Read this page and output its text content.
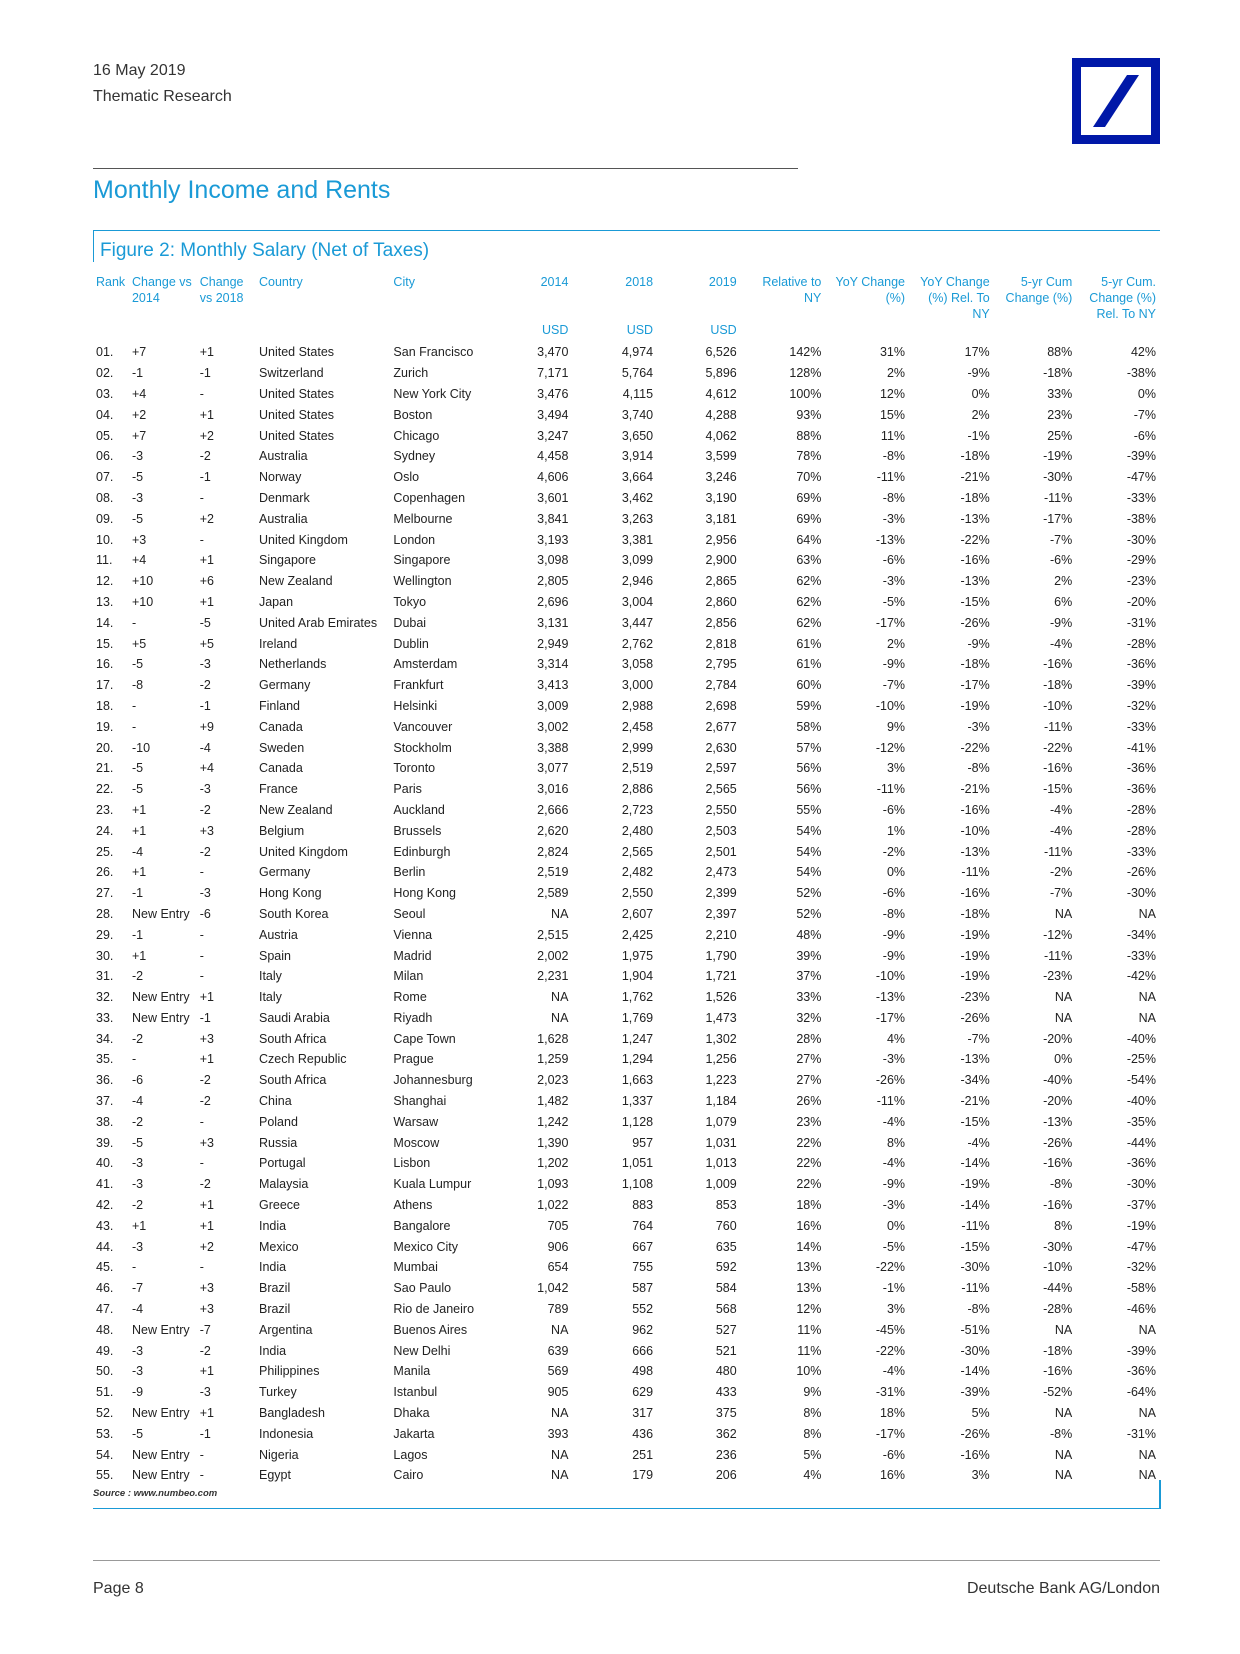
16 May 2019
Thematic Research
Monthly Income and Rents
Figure 2: Monthly Salary (Net of Taxes)
Rank	Change vs 2014	Change vs 2018	Country	City	2014	2018	2019	Relative to NY	YoY Change (%)	YoY Change (%) Rel. To NY	5-yr Cum Change (%)	5-yr Cum. Change (%) Rel. To NY
					USD	USD	USD					
01.	+7	+1	United States	San Francisco	3,470	4,974	6,526	142%	31%	17%	88%	42%
02.	-1	-1	Switzerland	Zurich	7,171	5,764	5,896	128%	2%	-9%	-18%	-38%
03.	+4	-	United States	New York City	3,476	4,115	4,612	100%	12%	0%	33%	0%
04.	+2	+1	United States	Boston	3,494	3,740	4,288	93%	15%	2%	23%	-7%
05.	+7	+2	United States	Chicago	3,247	3,650	4,062	88%	11%	-1%	25%	-6%
06.	-3	-2	Australia	Sydney	4,458	3,914	3,599	78%	-8%	-18%	-19%	-39%
07.	-5	-1	Norway	Oslo	4,606	3,664	3,246	70%	-11%	-21%	-30%	-47%
08.	-3	-	Denmark	Copenhagen	3,601	3,462	3,190	69%	-8%	-18%	-11%	-33%
09.	-5	+2	Australia	Melbourne	3,841	3,263	3,181	69%	-3%	-13%	-17%	-38%
10.	+3	-	United Kingdom	London	3,193	3,381	2,956	64%	-13%	-22%	-7%	-30%
11.	+4	+1	Singapore	Singapore	3,098	3,099	2,900	63%	-6%	-16%	-6%	-29%
12.	+10	+6	New Zealand	Wellington	2,805	2,946	2,865	62%	-3%	-13%	2%	-23%
13.	+10	+1	Japan	Tokyo	2,696	3,004	2,860	62%	-5%	-15%	6%	-20%
14.	-	-5	United Arab Emirates	Dubai	3,131	3,447	2,856	62%	-17%	-26%	-9%	-31%
15.	+5	+5	Ireland	Dublin	2,949	2,762	2,818	61%	2%	-9%	-4%	-28%
16.	-5	-3	Netherlands	Amsterdam	3,314	3,058	2,795	61%	-9%	-18%	-16%	-36%
17.	-8	-2	Germany	Frankfurt	3,413	3,000	2,784	60%	-7%	-17%	-18%	-39%
18.	-	-1	Finland	Helsinki	3,009	2,988	2,698	59%	-10%	-19%	-10%	-32%
19.	-	+9	Canada	Vancouver	3,002	2,458	2,677	58%	9%	-3%	-11%	-33%
20.	-10	-4	Sweden	Stockholm	3,388	2,999	2,630	57%	-12%	-22%	-22%	-41%
21.	-5	+4	Canada	Toronto	3,077	2,519	2,597	56%	3%	-8%	-16%	-36%
22.	-5	-3	France	Paris	3,016	2,886	2,565	56%	-11%	-21%	-15%	-36%
23.	+1	-2	New Zealand	Auckland	2,666	2,723	2,550	55%	-6%	-16%	-4%	-28%
24.	+1	+3	Belgium	Brussels	2,620	2,480	2,503	54%	1%	-10%	-4%	-28%
25.	-4	-2	United Kingdom	Edinburgh	2,824	2,565	2,501	54%	-2%	-13%	-11%	-33%
26.	+1	-	Germany	Berlin	2,519	2,482	2,473	54%	0%	-11%	-2%	-26%
27.	-1	-3	Hong Kong	Hong Kong	2,589	2,550	2,399	52%	-6%	-16%	-7%	-30%
28.	New Entry	-6	South Korea	Seoul	NA	2,607	2,397	52%	-8%	-18%	NA	NA
29.	-1	-	Austria	Vienna	2,515	2,425	2,210	48%	-9%	-19%	-12%	-34%
30.	+1	-	Spain	Madrid	2,002	1,975	1,790	39%	-9%	-19%	-11%	-33%
31.	-2	-	Italy	Milan	2,231	1,904	1,721	37%	-10%	-19%	-23%	-42%
32.	New Entry	+1	Italy	Rome	NA	1,762	1,526	33%	-13%	-23%	NA	NA
33.	New Entry	-1	Saudi Arabia	Riyadh	NA	1,769	1,473	32%	-17%	-26%	NA	NA
34.	-2	+3	South Africa	Cape Town	1,628	1,247	1,302	28%	4%	-7%	-20%	-40%
35.	-	+1	Czech Republic	Prague	1,259	1,294	1,256	27%	-3%	-13%	0%	-25%
36.	-6	-2	South Africa	Johannesburg	2,023	1,663	1,223	27%	-26%	-34%	-40%	-54%
37.	-4	-2	China	Shanghai	1,482	1,337	1,184	26%	-11%	-21%	-20%	-40%
38.	-2	-	Poland	Warsaw	1,242	1,128	1,079	23%	-4%	-15%	-13%	-35%
39.	-5	+3	Russia	Moscow	1,390	957	1,031	22%	8%	-4%	-26%	-44%
40.	-3	-	Portugal	Lisbon	1,202	1,051	1,013	22%	-4%	-14%	-16%	-36%
41.	-3	-2	Malaysia	Kuala Lumpur	1,093	1,108	1,009	22%	-9%	-19%	-8%	-30%
42.	-2	+1	Greece	Athens	1,022	883	853	18%	-3%	-14%	-16%	-37%
43.	+1	+1	India	Bangalore	705	764	760	16%	0%	-11%	8%	-19%
44.	-3	+2	Mexico	Mexico City	906	667	635	14%	-5%	-15%	-30%	-47%
45.	-	-	India	Mumbai	654	755	592	13%	-22%	-30%	-10%	-32%
46.	-7	+3	Brazil	Sao Paulo	1,042	587	584	13%	-1%	-11%	-44%	-58%
47.	-4	+3	Brazil	Rio de Janeiro	789	552	568	12%	3%	-8%	-28%	-46%
48.	New Entry	-7	Argentina	Buenos Aires	NA	962	527	11%	-45%	-51%	NA	NA
49.	-3	-2	India	New Delhi	639	666	521	11%	-22%	-30%	-18%	-39%
50.	-3	+1	Philippines	Manila	569	498	480	10%	-4%	-14%	-16%	-36%
51.	-9	-3	Turkey	Istanbul	905	629	433	9%	-31%	-39%	-52%	-64%
52.	New Entry	+1	Bangladesh	Dhaka	NA	317	375	8%	18%	5%	NA	NA
53.	-5	-1	Indonesia	Jakarta	393	436	362	8%	-17%	-26%	-8%	-31%
54.	New Entry	-	Nigeria	Lagos	NA	251	236	5%	-6%	-16%	NA	NA
55.	New Entry	-	Egypt	Cairo	NA	179	206	4%	16%	3%	NA	NA
Source : www.numbeo.com
Page 8	Deutsche Bank AG/London
